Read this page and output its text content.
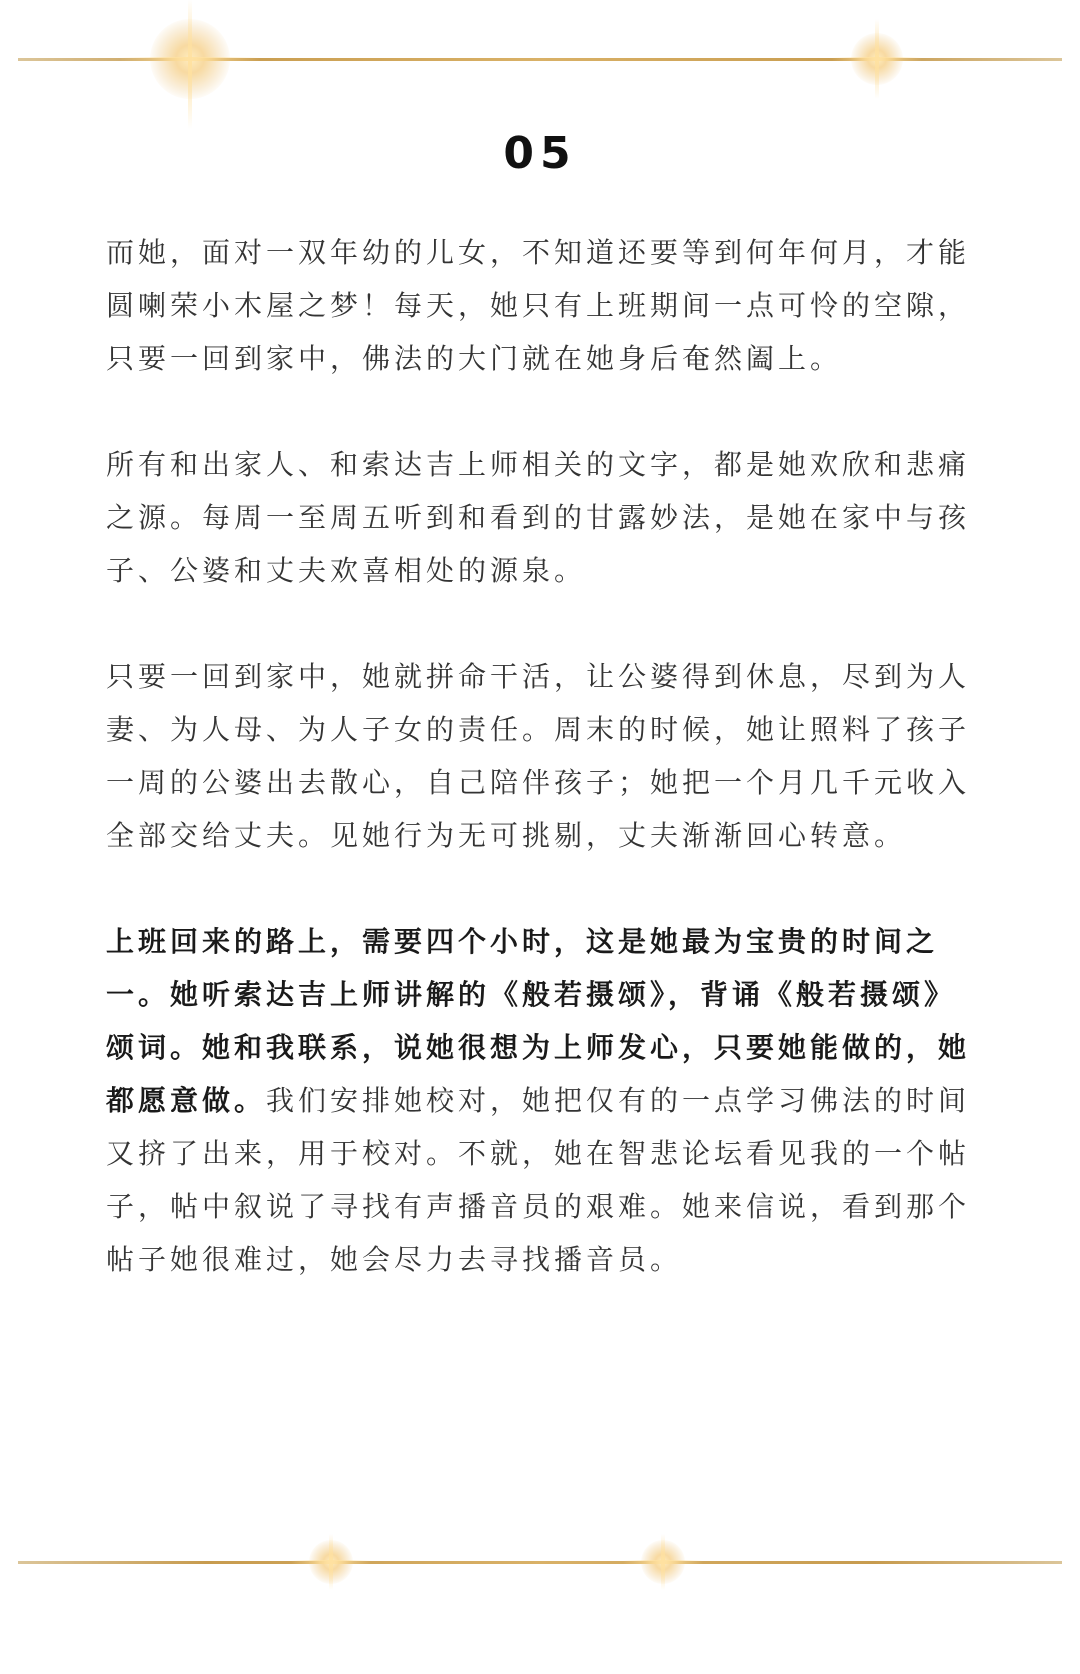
05

而她，面对一双年幼的儿女，不知道还要等到何年何月，才能圆喇荣小木屋之梦！每天，她只有上班期间一点可怜的空隙，只要一回到家中，佛法的大门就在她身后奄然阖上。

所有和出家人、和索达吉上师相关的文字，都是她欢欣和悲痛之源。每周一至周五听到和看到的甘露妙法，是她在家中与孩子、公婆和丈夫欢喜相处的源泉。

只要一回到家中，她就拼命干活，让公婆得到休息，尽到为人妻、为人母、为人子女的责任。周末的时候，她让照料了孩子一周的公婆出去散心，自己陪伴孩子；她把一个月几千元收入全部交给丈夫。见她行为无可挑剔，丈夫渐渐回心转意。

上班回来的路上，需要四个小时，这是她最为宝贵的时间之一。她听索达吉上师讲解的《般若摄颂》，背诵《般若摄颂》颂词。她和我联系，说她很想为上师发心，只要她能做的，她都愿意做。我们安排她校对，她把仅有的一点学习佛法的时间又挤了出来，用于校对。不就，她在智悲论坛看见我的一个帖子，帖中叙说了寻找有声播音员的艰难。她来信说，看到那个帖子她很难过，她会尽力去寻找播音员。
